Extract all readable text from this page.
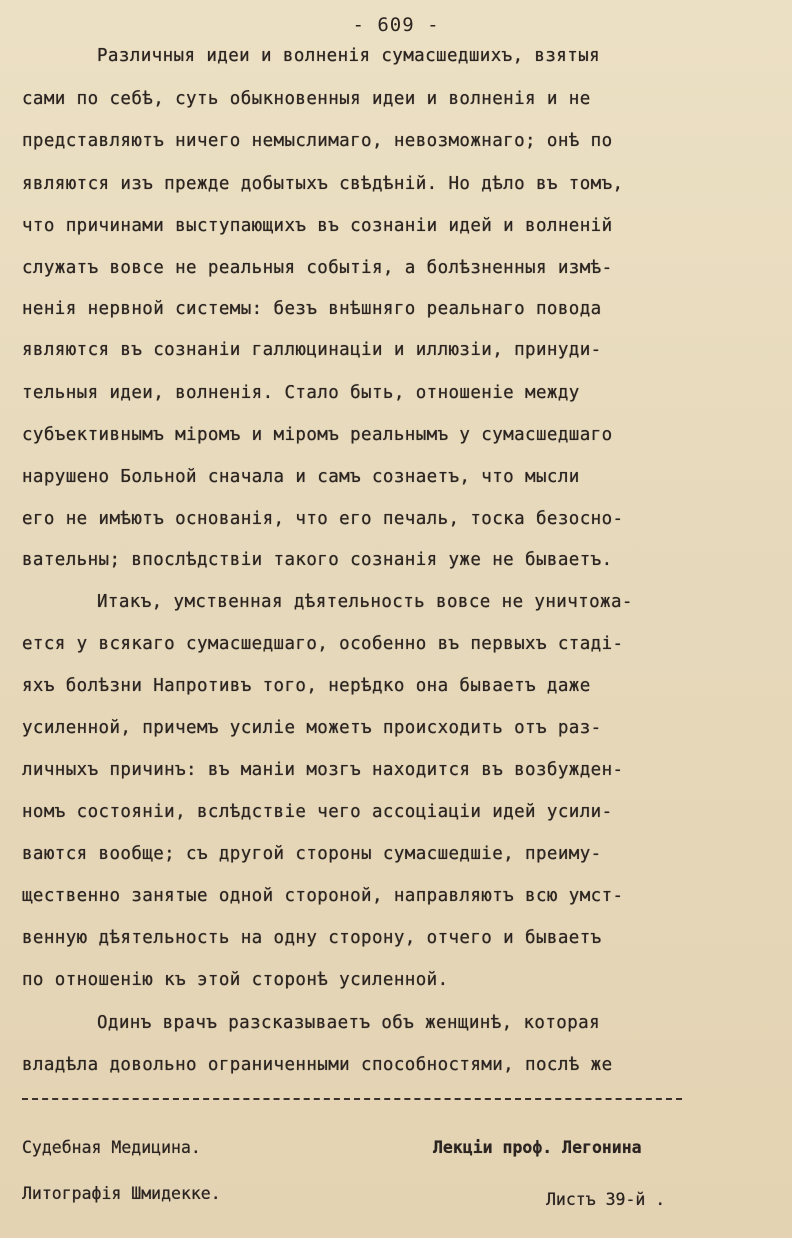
- 609 -
Различныя идеи и волненія сумасшедшихъ, взятыя
сами по себѣ, суть обыкновенныя идеи и волненія и не
представляютъ ничего немыслимаго, невозможнаго; онѣ по
являются изъ прежде добытыхъ свѣдѣній. Но дѣло въ томъ,
что причинами выступающихъ въ сознаніи идей и волненій
служатъ вовсе не реальныя событія, а болѣзненныя измѣ-
ненія нервной системы: безъ внѣшняго реальнаго повода
являются въ сознаніи галлюцинаціи и иллюзіи, принуди-
тельныя идеи, волненія. Стало быть, отношеніе между
субъективнымъ міромъ и міромъ реальнымъ у сумасшедшаго
нарушено Больной сначала и самъ сознаетъ, что мысли
его не имѣютъ основанія, что его печаль, тоска безосно-
вательны; впослѣдствіи такого сознанія уже не бываетъ.
Итакъ, умственная дѣятельность вовсе не уничтожа-
ется у всякаго сумасшедшаго, особенно въ первыхъ стадi-
яхъ болѣзни Напротивъ того, нерѣдко она бываетъ даже
усиленной, причемъ усиліе можетъ происходить отъ раз-
личныхъ причинъ: въ маніи мозгъ находится въ возбужден-
номъ состояніи, вслѣдствіе чего ассоціаціи идей усили-
ваются вообще; съ другой стороны сумасшедшіе, преиму-
щественно занятые одной стороной, направляютъ всю умст-
венную дѣятельность на одну сторону, отчего и бываетъ
по отношенію къ этой сторонѣ усиленной.
Одинъ врачъ разсказываетъ объ женщинѣ, которая
владѣла довольно ограниченными способностями, послѣ же
Судебная Медицина.	Лекціи проф. Легонина
Литографія Шмидекке.	Листъ 39-й .
